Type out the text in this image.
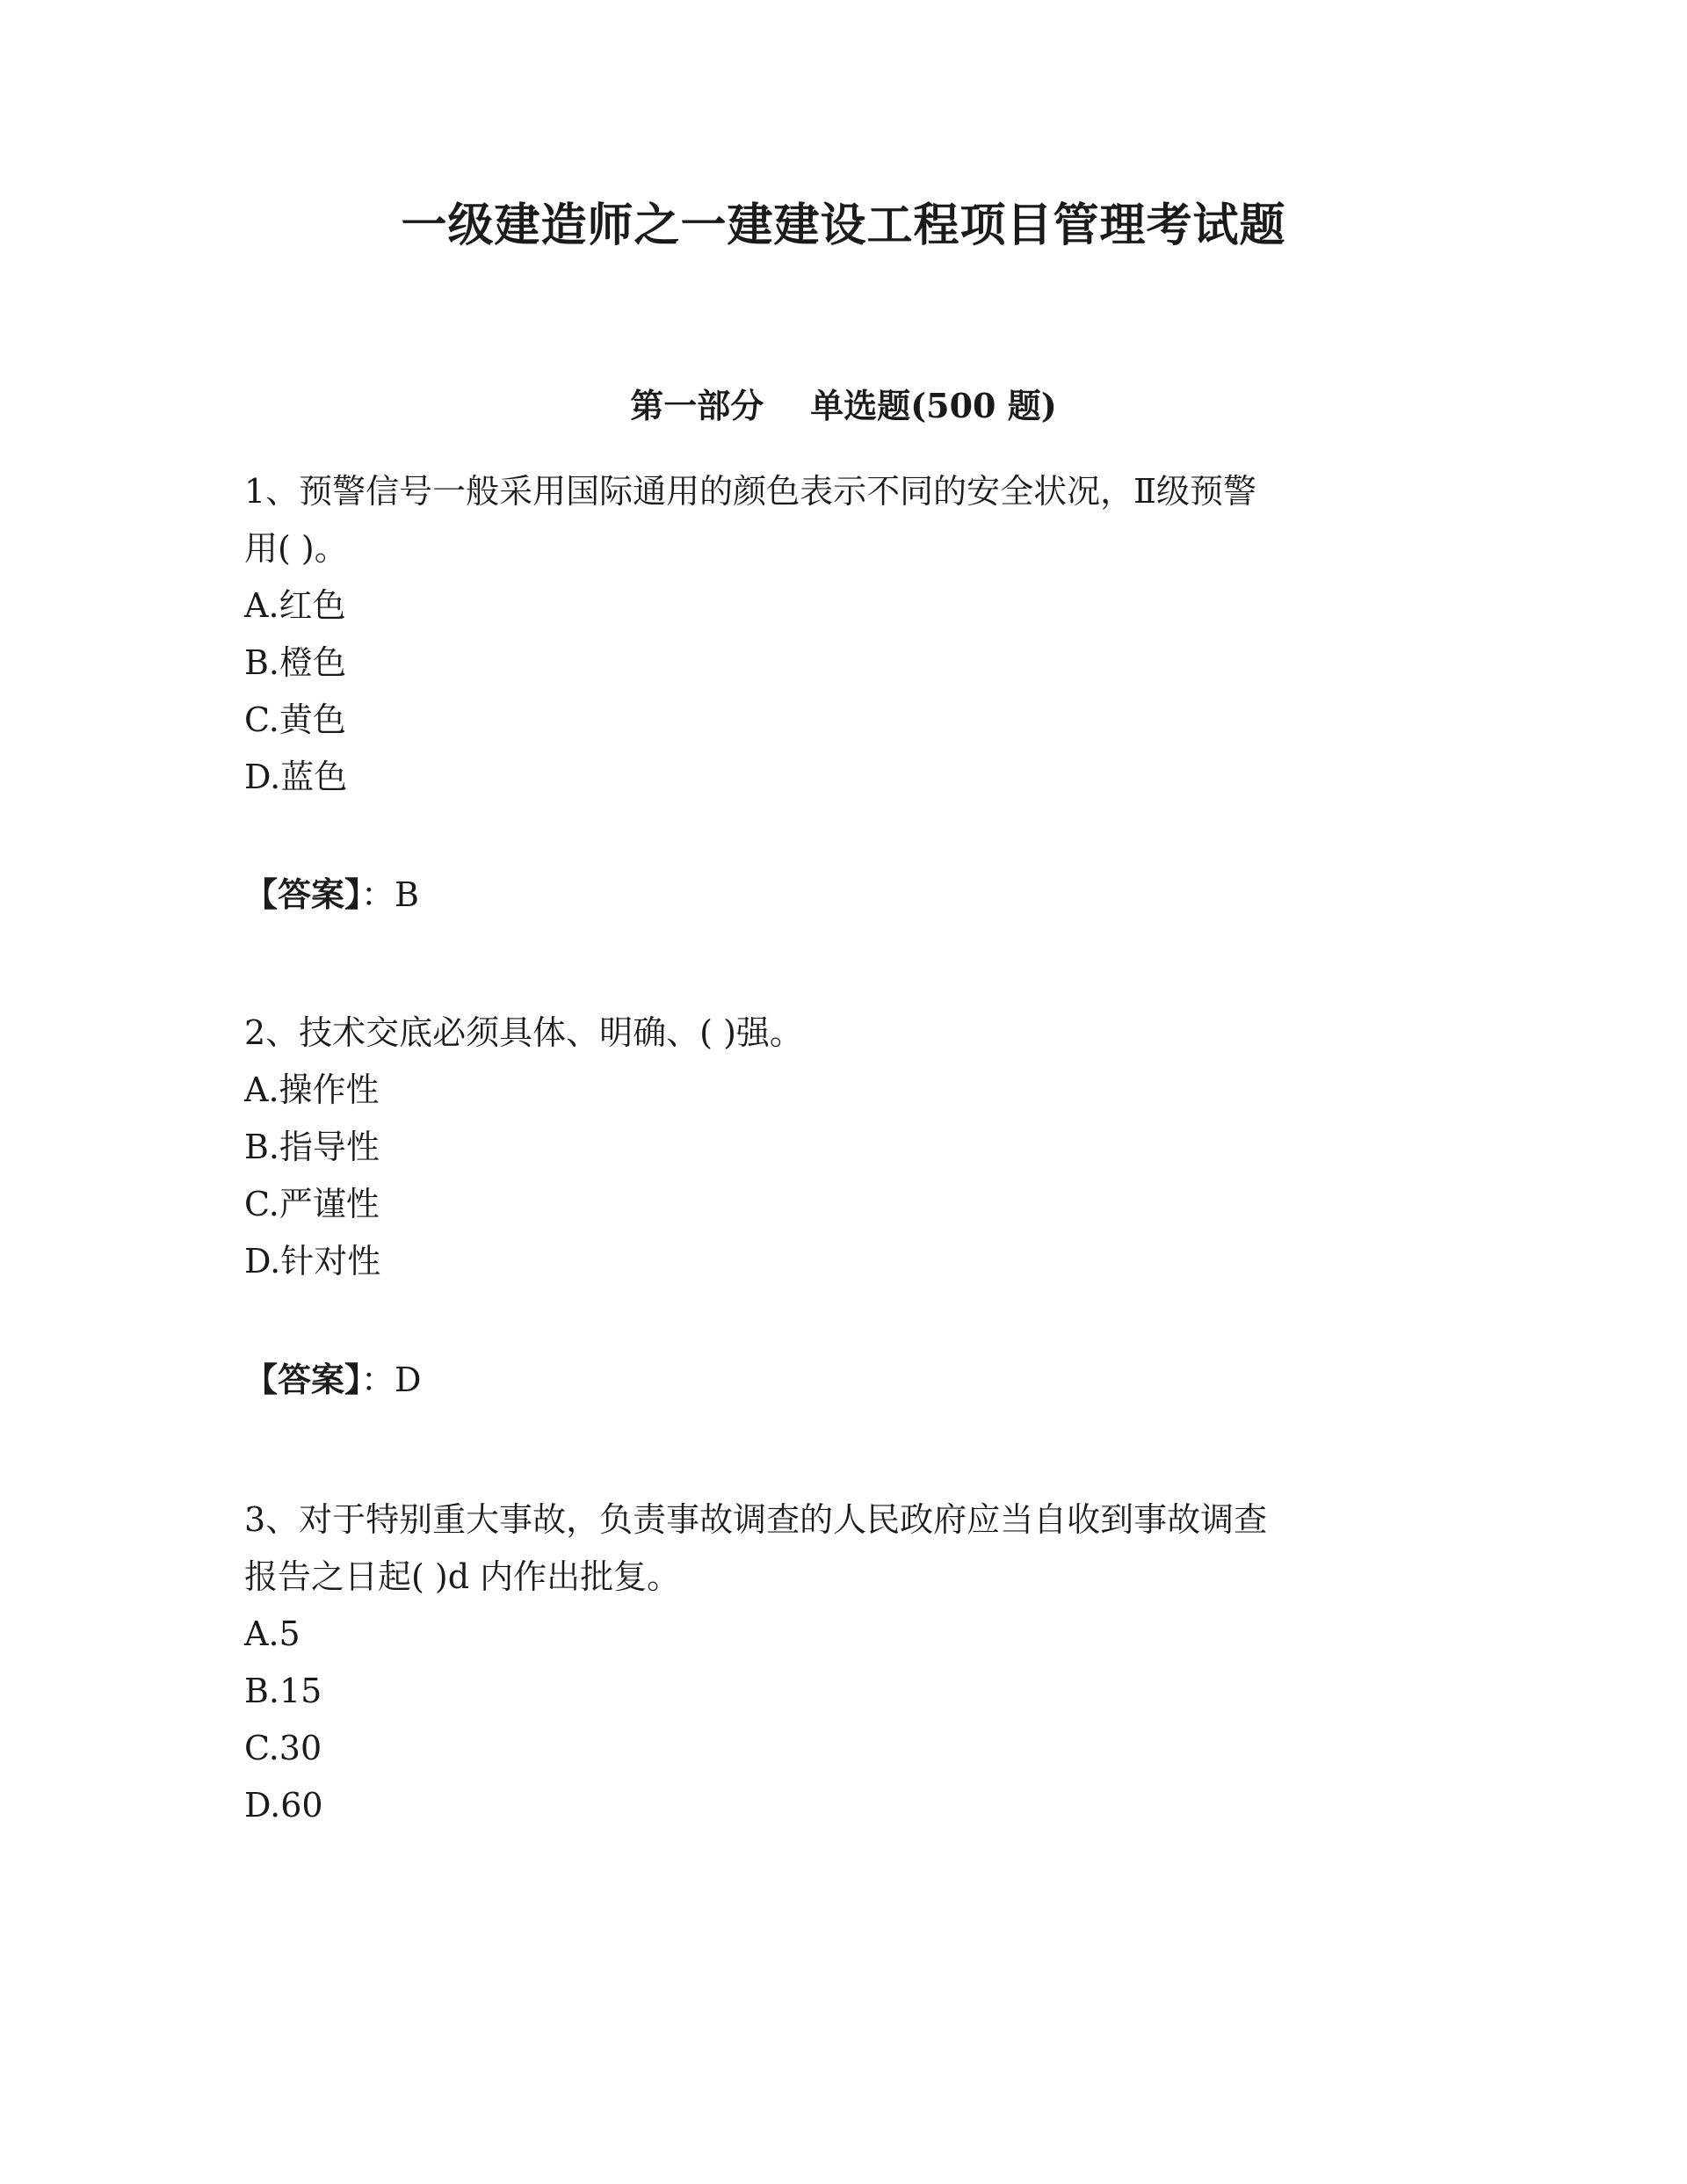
一级建造师之一建建设工程项目管理考试题
第一部分    单选题(500 题)

1、预警信号一般采用国际通用的颜色表示不同的安全状况，Ⅱ级预警

用( )。

A.红色

B.橙色

C.黄色

D.蓝色

【答案】：B

2、技术交底必须具体、明确、( )强。

A.操作性

B.指导性

C.严谨性

D.针对性

【答案】：D

3、对于特别重大事故，负责事故调查的人民政府应当自收到事故调查

报告之日起( )d 内作出批复。

A.5

B.15

C.30

D.60
